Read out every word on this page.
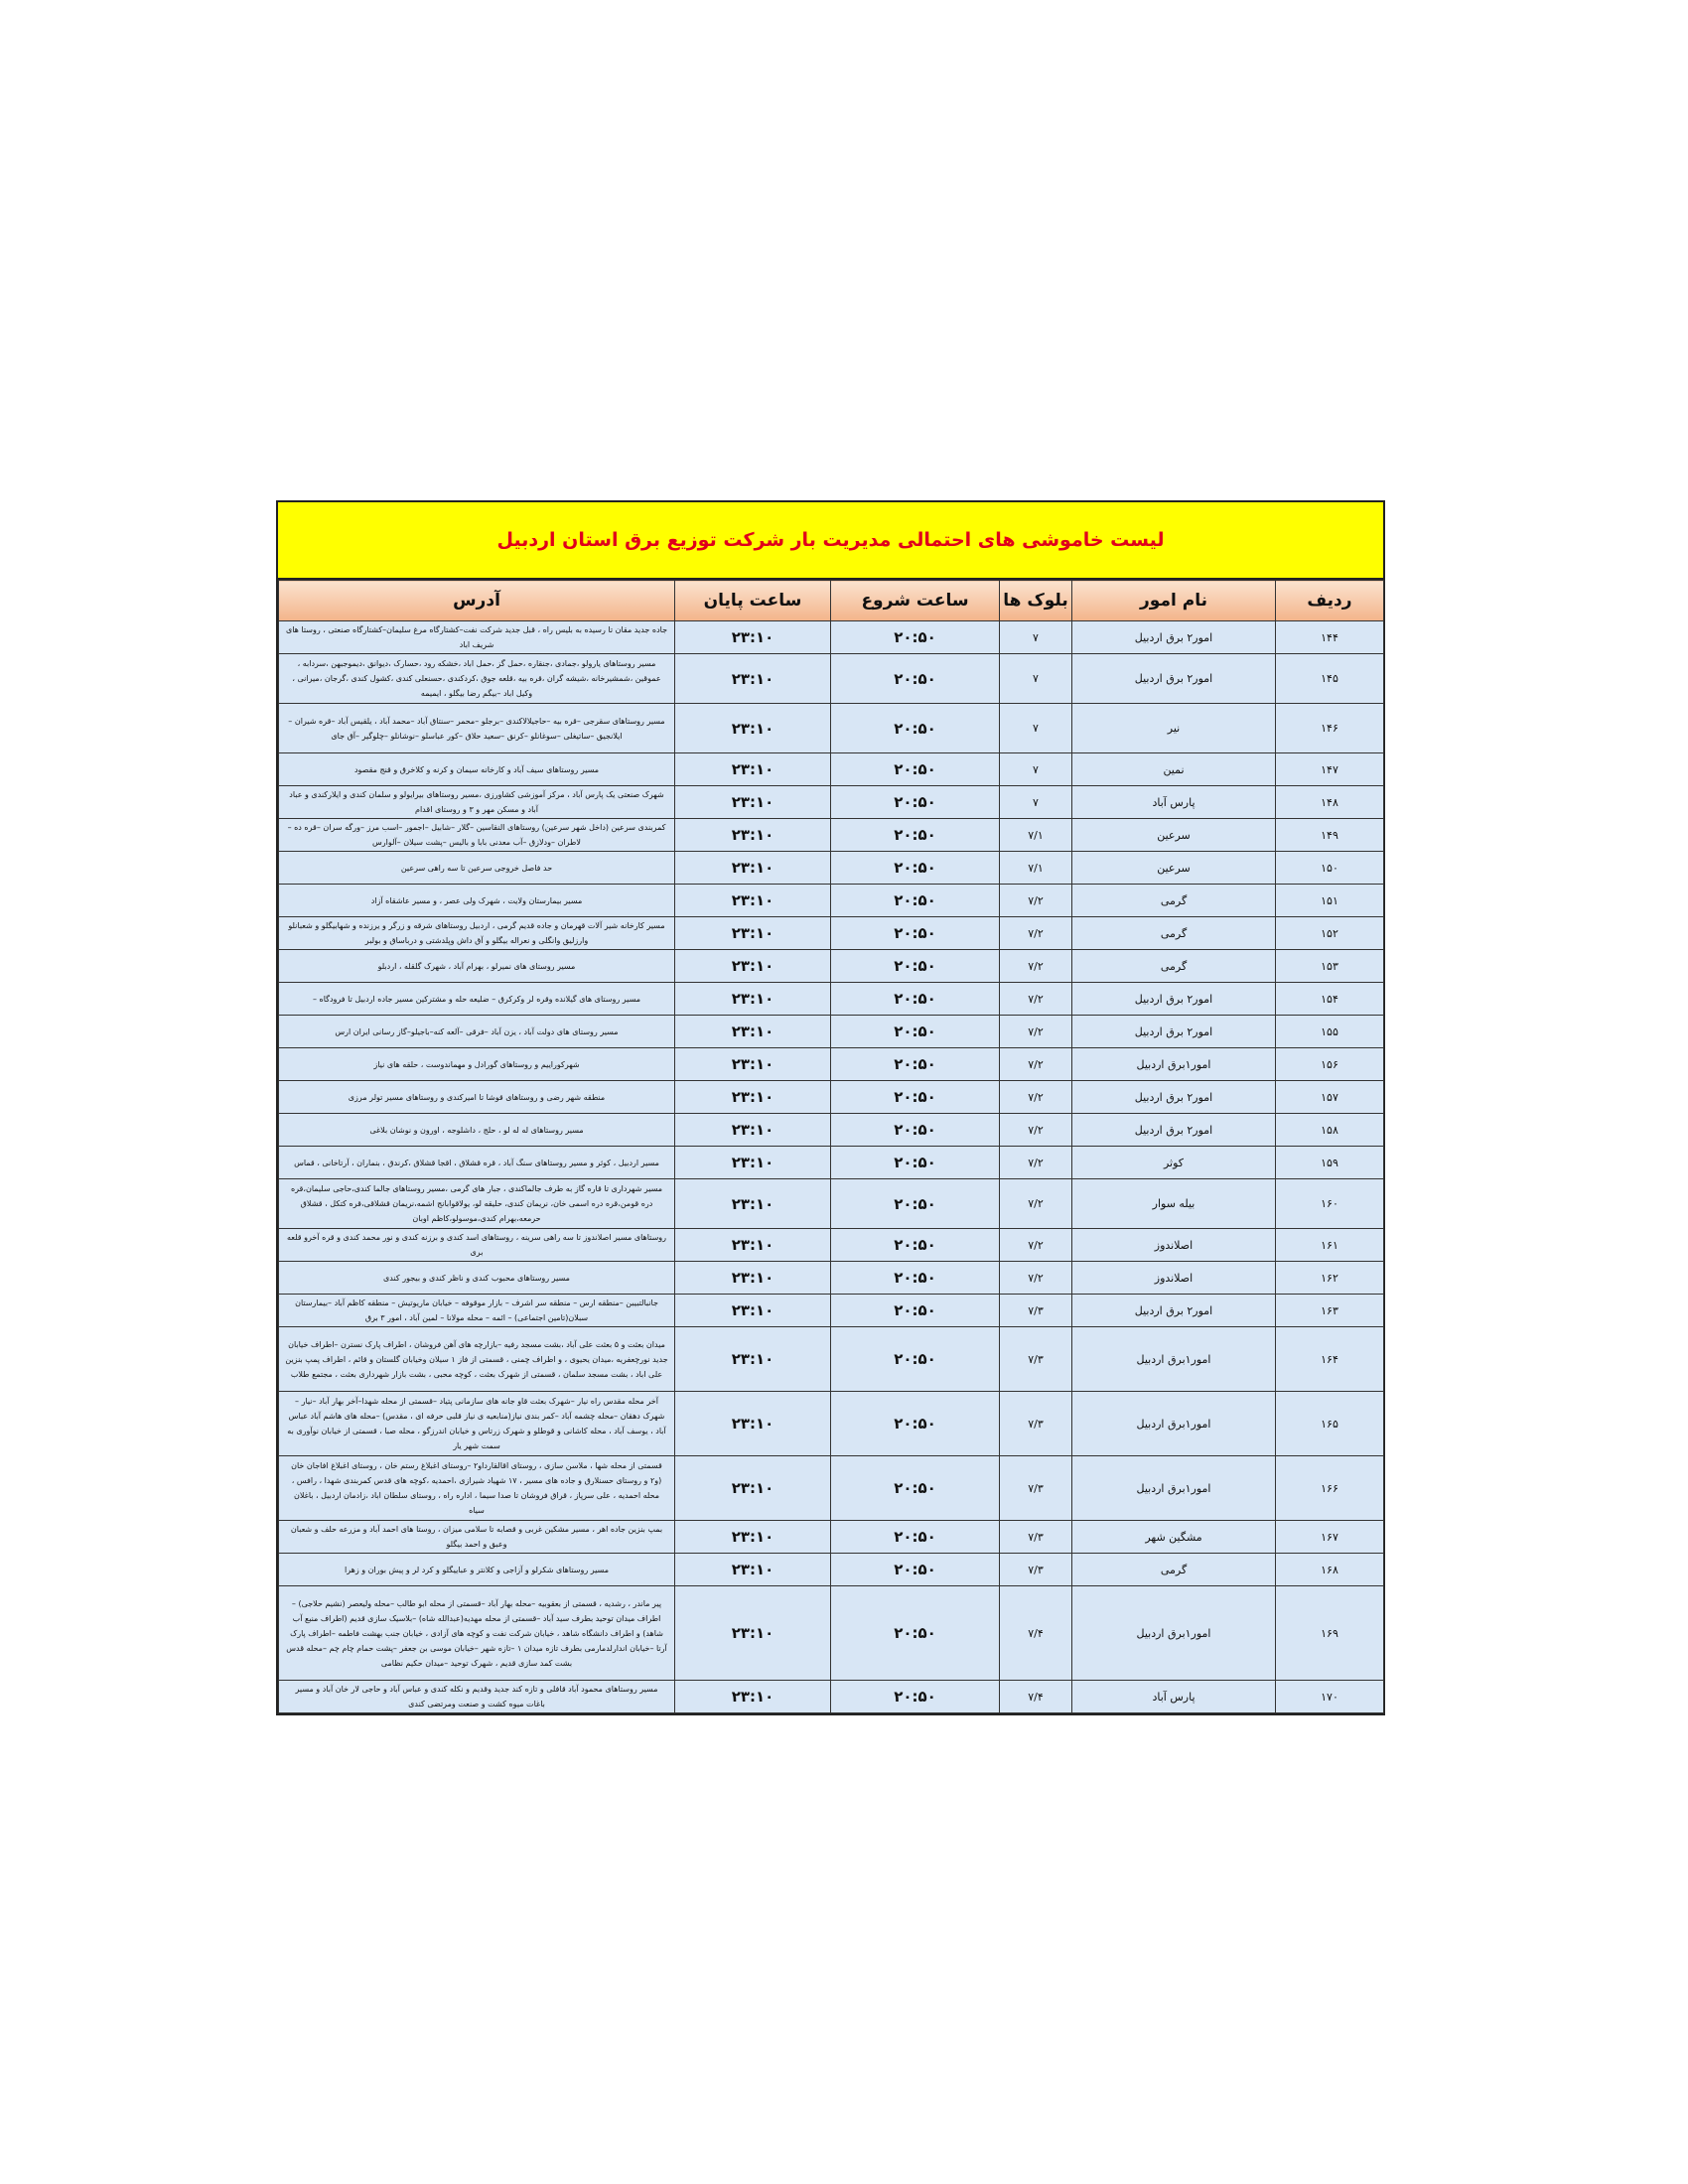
لیست خاموشی های احتمالی مدیریت بار شرکت توزیع برق استان اردبیل
ردیف	نام امور	بلوک ها	ساعت شروع	ساعت پایان	آدرس
۱۴۴	امور۲ برق اردبیل	۷	۲۰:۵۰	۲۳:۱۰	جاده جدید مقان تا رسیده به بلیس راه ، قبل جدید شرکت نفت–کشتارگاه مرغ سلیمان–کشتارگاه صنعتی ، روستا های شریف اباد
۱۴۵	امور۲ برق اردبیل	۷	۲۰:۵۰	۲۳:۱۰	مسیر روستاهای یارولو ،جمادی ،جنقاره ،حمل گز ،حمل اباد ،خشکه رود ،حسارک ،دیوانق ،دیموجبهن ،سردابه ، عموقین ،شمشیرخانه ،شیشه گران ،قره بیه ،قلعه جوق ،کردکندی ،حسنعلی کندی ،کشول کندی ،گرجان ،میرانی ، وکیل اباد –بیگم رضا بیگلو ، ایمیمه
۱۴۶	نیر	۷	۲۰:۵۰	۲۳:۱۰	مسیر روستاهای سقرجی –قره بیه –حاجیلالاکندی –برجلو –محمر –سنتاق آباد –محمد آباد ، یلقیس آباد –قره شیران –ایلانجیق –ساتیغلی –سوغانلو –کرنق –سعید حلاق –کور عباسلو –نوشانلو –چلوگیر –آق جای
۱۴۷	نمین	۷	۲۰:۵۰	۲۳:۱۰	مسیر روستاهای سیف آباد و کارخانه سیمان و کرنه و کلاخرق و قنج مقصود
۱۴۸	پارس آباد	۷	۲۰:۵۰	۲۳:۱۰	شهرک صنعتی یک پارس آباد ، مرکز آموزشی کشاورزی ،مسیر روستاهای بیرایولو و سلمان کندی و ایلارکندی و عباد آباد و مسکن مهر و ۳ و روستای اقدام
۱۴۹	سرعین	۷/۱	۲۰:۵۰	۲۳:۱۰	کمربندی سرعین (داخل شهر سرعین) روستاهای النقاسین –گلار –شابیل –اجمور –اسب مرز –ورگه سران –قره ده – لاطران –ودلازق –آب معدنی بابا و بالیس –پشت سیلان –آلوارس
۱۵۰	سرعین	۷/۱	۲۰:۵۰	۲۳:۱۰	حد فاصل خروجی سرعین تا سه راهی سرعین
۱۵۱	گرمی	۷/۲	۲۰:۵۰	۲۳:۱۰	مسیر بیمارستان ولایت ، شهرک ولی عصر ، و مسیر عاشقاه آزاد
۱۵۲	گرمی	۷/۲	۲۰:۵۰	۲۳:۱۰	مسیر کارخانه شیر آلات قهرمان و جاده قدیم گرمی ، اردبیل روستاهای شرقه و زرگر و یرزنده و شهابیگلو و شعبانلو وارزلیق وانگلی و نعراله بیگلو و آق داش وپلدشتی و درباساق و بولبر
۱۵۳	گرمی	۷/۲	۲۰:۵۰	۲۳:۱۰	مسیر روستای های نمیرلو ، بهرام آباد ، شهرک گلقله ، اردبلو
۱۵۴	امور۲ برق اردبیل	۷/۲	۲۰:۵۰	۲۳:۱۰	مسیر روستای های گیلانده وقره لر وکرکرق – ضلیعه حله و مشترکین مسیر جاده اردبیل تا فرودگاه –
۱۵۵	امور۲ برق اردبیل	۷/۲	۲۰:۵۰	۲۳:۱۰	مسیر روستای های دولت آباد ، یزن آباد –فرقی –آلعه کنه–باجیلو–گاز رسانی ایران ارس
۱۵۶	امور۱برق اردبیل	۷/۲	۲۰:۵۰	۲۳:۱۰	شهرکوراییم و روستاهای گورادل و مهماندوست ، حلقه های نیاز
۱۵۷	امور۲ برق اردبیل	۷/۲	۲۰:۵۰	۲۳:۱۰	منطقه شهر رضی و روستاهای قوشا تا امیرکندی و روستاهای مسیر تولر مرزی
۱۵۸	امور۲ برق اردبیل	۷/۲	۲۰:۵۰	۲۳:۱۰	مسیر روستاهای له له لو ، حلج ، داشلوجه ، اورون و نوشان بلاغی
۱۵۹	کوثر	۷/۲	۲۰:۵۰	۲۳:۱۰	مسیر اردبیل ، کوثر و مسیر روستاهای سنگ آباد ، قره قشلاق ، اقجا قشلاق ،کرندق ، بنماران ، آرتاخانی ، قماس
۱۶۰	بیله سوار	۷/۲	۲۰:۵۰	۲۳:۱۰	مسیر شهرداری تا قاره گاز به طرف جالماکندی ، جبار های گرمی ،مسیر روستاهای جالما کندی،حاجی سلیمان،قره دره قومن،قره دره اسمی خان، نریمان کندی، حلیقه لو، یولاقوابانج اشمه،نریمان قشلاقی،قره کتکل ، قشلاق حرمعه،بهرام کندی،موسولو،کاظم اوبان
۱۶۱	اصلاندوز	۷/۲	۲۰:۵۰	۲۳:۱۰	روستاهای مسیر اصلاندوز تا سه راهی سرینه ، روستاهای اسد کندی و برزنه کندی و نور محمد کندی و قره آخرو قلعه بری
۱۶۲	اصلاندوز	۷/۲	۲۰:۵۰	۲۳:۱۰	مسیر روستاهای محبوب کندی و ناظر کندی و بیجور کندی
۱۶۳	امور۲ برق اردبیل	۷/۳	۲۰:۵۰	۲۳:۱۰	جانبالتبیبن –منطقه ارس – منطقه سر اشرف – بازار موقوفه – خیابان ماریوتیش – منطقه کاظم آباد –بیمارستان سبلان(تامین اجتماعی) – ائمه – محله مولانا – لمین آباد ، امور ۳ برق
۱۶۴	امور۱برق اردبیل	۷/۳	۲۰:۵۰	۲۳:۱۰	میدان بعثت و ۵ بعثت علی آباد ،بشت مسجد رفیه –بازارچه های آهن فروشان ، اطراف پارک نسترن –اطراف خیابان جدید نورچعفریه ،میدان یحیوی ، و اطراف چمنی ، قسمتی از فاز ۱ سیلان وخیابان گلستان و قائم ، اطراف پمپ بنزین علی اباد ، بشت مسجد سلمان ، قسمتی از شهرک بعثت ، کوچه محبی ، بشت بازار شهرداری بعثت ، مجتمع طلاب
۱۶۵	امور۱برق اردبیل	۷/۳	۲۰:۵۰	۲۳:۱۰	آخر محله مقدس راه نیار –شهرک بعثت قاو جانه های سازمانی پتیاد –قسمتی از محله شهدا–آخر بهار آباد –نیار – شهرک دهقان –محله چشمه آباد –کمر بندی نیاز(منابعیه ی نیاز قلبی حرفه ای ، مقدس) –محله های هاشم آباد عباس آباد ، یوسف آباد ، محله کاشانی و قوطلو و شهرک زرتاس و خیابان اندرزگو ، محله صبا ، قسمتی از خیابان نوآوری به سمت شهر یار
۱۶۶	امور۱برق اردبیل	۷/۳	۲۰:۵۰	۲۳:۱۰	قسمتی از محله شها ، ملاسن سازی ، روستای اقالقارداو۲ –روستای اغبلاغ رستم خان ، روستای اغبلاغ افاجان خان (و۲ و روستای حسنلارق و جاده های مسیر ، ۱۷ شهیاد شیرازی ،احمدیه ،کوچه های قدس کمربندی شهدا ، رافس ، محله احمدیه ، علی سرپاز ، قراق فروشان تا صدا سیما ، اداره راه ، روستای سلطان اباد ،زادمان اردبیل ، باغلان سیاه
۱۶۷	مشگین شهر	۷/۳	۲۰:۵۰	۲۳:۱۰	بمپ بنزین جاده اهر ، مسیر مشکین غربی و قصابه تا سلامی میزان ، روستا های احمد آباد و مزرعه حلف و شعبان وعبق و احمد بیگلو
۱۶۸	گرمی	۷/۳	۲۰:۵۰	۲۳:۱۰	مسیر روستاهای شکرلو و آزاجی و کلانتر و عباییگلو و کرد لر و پیش بوران و زهرا
۱۶۹	امور۱برق اردبیل	۷/۴	۲۰:۵۰	۲۳:۱۰	پیر ماندر ، رشدیه ، قسمتی از بعقوبیه –محله بهار آباد –قسمتی از محله ابو طالب –محله ولیعصر (نشیم حلاجی) –اطراف میدان توحید بطرف سید آباد –قسمتی از محله مهدیه(عبدالله شاه) –بلاسیک سازی قدیم (اطراف منبع آب شاهد) و اطراف دانشگاه شاهد ، خیابان شرکت نفت و کوچه های آزادی ، خیابان جنب بهشت فاطمه –اطراف پارک آرتا –خیابان اندارلدمارمی بطرف تازه میدان ۱ –تازه شهر –خیابان موسی بن جعفر –پشت حمام چام چم –محله قدس بشت کمد سازی قدیم ، شهرک توحید –میدان حکیم نظامی
۱۷۰	پارس آباد	۷/۴	۲۰:۵۰	۲۳:۱۰	مسیر روستاهای محمود آباد قافلی و تازه کند جدید وقدیم و نکله کندی و عباس آباد و حاجی لار خان آباد و مسیر باغات میوه کشت و صنعت ومرتضی کندی
